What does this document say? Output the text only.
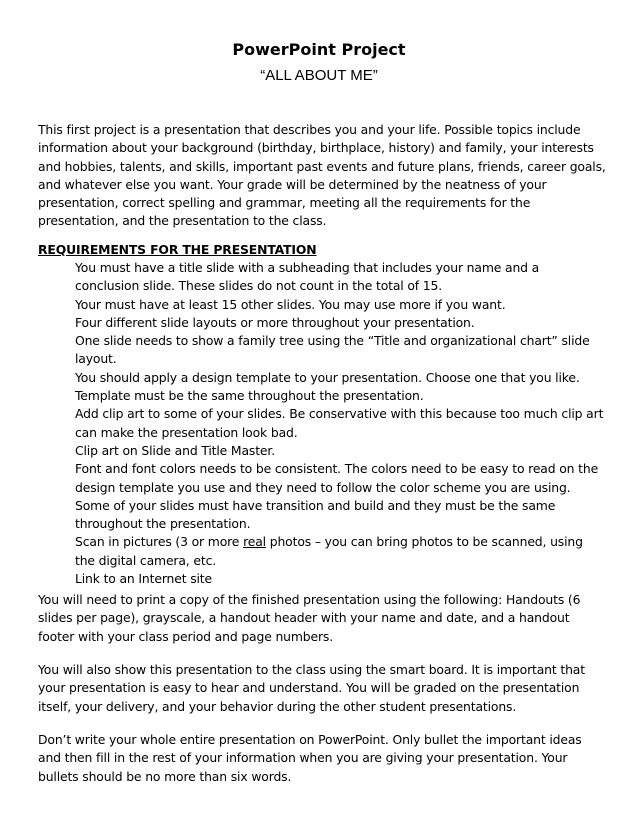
PowerPoint Project
“ALL ABOUT ME”

This first project is a presentation that describes you and your life. Possible topics include information about your background (birthday, birthplace, history) and family, your interests and hobbies, talents, and skills, important past events and future plans, friends, career goals, and whatever else you want. Your grade will be determined by the neatness of your presentation, correct spelling and grammar, meeting all the requirements for the presentation, and the presentation to the class.

REQUIREMENTS FOR THE PRESENTATION
You must have a title slide with a subheading that includes your name and a conclusion slide. These slides do not count in the total of 15.
Your must have at least 15 other slides. You may use more if you want.
Four different slide layouts or more throughout your presentation.
One slide needs to show a family tree using the “Title and organizational chart” slide layout.
You should apply a design template to your presentation. Choose one that you like.
Template must be the same throughout the presentation.
Add clip art to some of your slides. Be conservative with this because too much clip art can make the presentation look bad.
Clip art on Slide and Title Master.
Font and font colors needs to be consistent. The colors need to be easy to read on the design template you use and they need to follow the color scheme you are using.
Some of your slides must have transition and build and they must be the same throughout the presentation.
Scan in pictures (3 or more real photos – you can bring photos to be scanned, using the digital camera, etc.
Link to an Internet site

You will need to print a copy of the finished presentation using the following: Handouts (6 slides per page), grayscale, a handout header with your name and date, and a handout footer with your class period and page numbers.

You will also show this presentation to the class using the smart board. It is important that your presentation is easy to hear and understand. You will be graded on the presentation itself, your delivery, and your behavior during the other student presentations.

Don’t write your whole entire presentation on PowerPoint. Only bullet the important ideas and then fill in the rest of your information when you are giving your presentation. Your bullets should be no more than six words.
